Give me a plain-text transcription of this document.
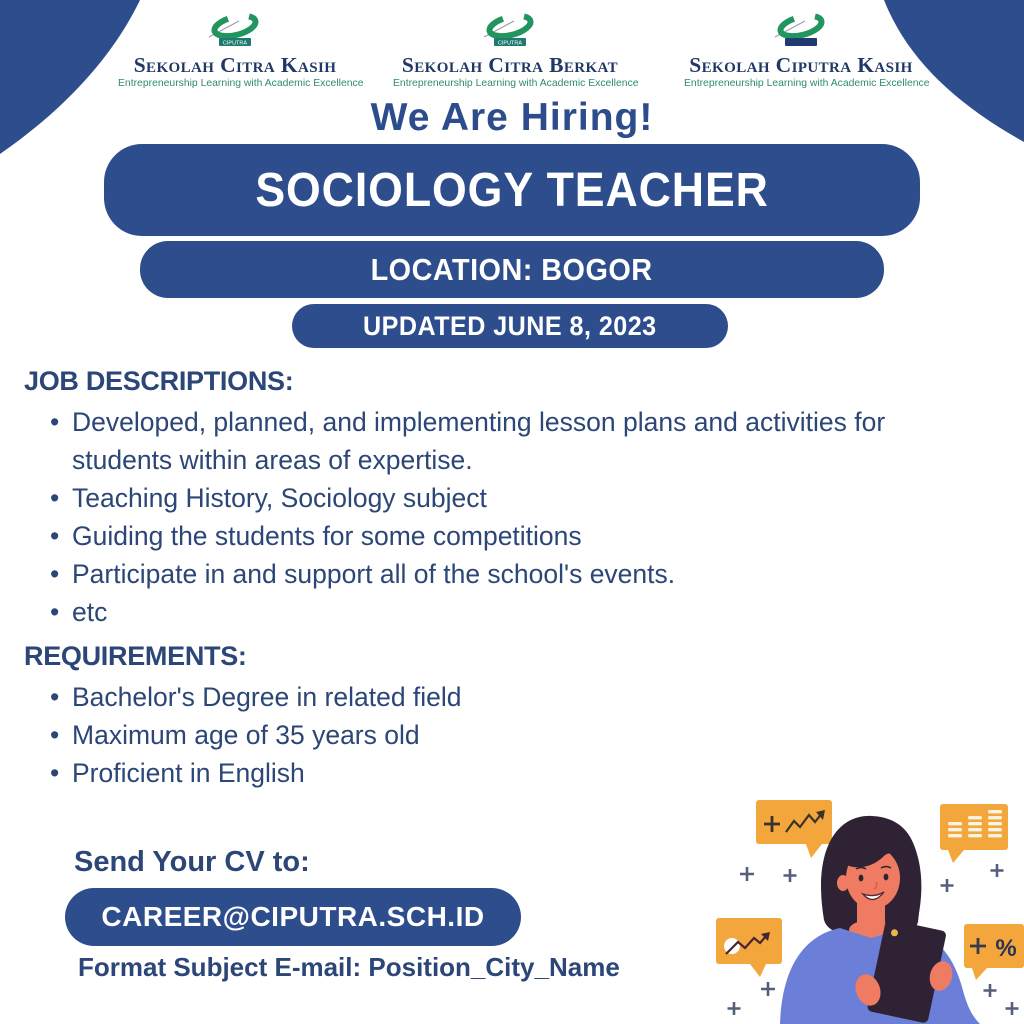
CIPUTRA
Sekolah Citra Kasih
Entrepreneurship Learning with Academic Excellence
CIPUTRA
Sekolah Citra Berkat
Entrepreneurship Learning with Academic Excellence
Sekolah Ciputra Kasih
Entrepreneurship Learning with Academic Excellence
We Are Hiring!
SOCIOLOGY TEACHER
LOCATION: BOGOR
UPDATED JUNE 8, 2023
JOB DESCRIPTIONS:
• Developed, planned, and implementing lesson plans and activities for students within areas of expertise.
• Teaching History, Sociology subject
• Guiding the students for some competitions
• Participate in and support all of the school's events.
• etc
REQUIREMENTS:
• Bachelor's Degree in related field
• Maximum age of 35 years old
• Proficient in English
Send Your CV to:
CAREER@CIPUTRA.SCH.ID
Format Subject E-mail: Position_City_Name
%
